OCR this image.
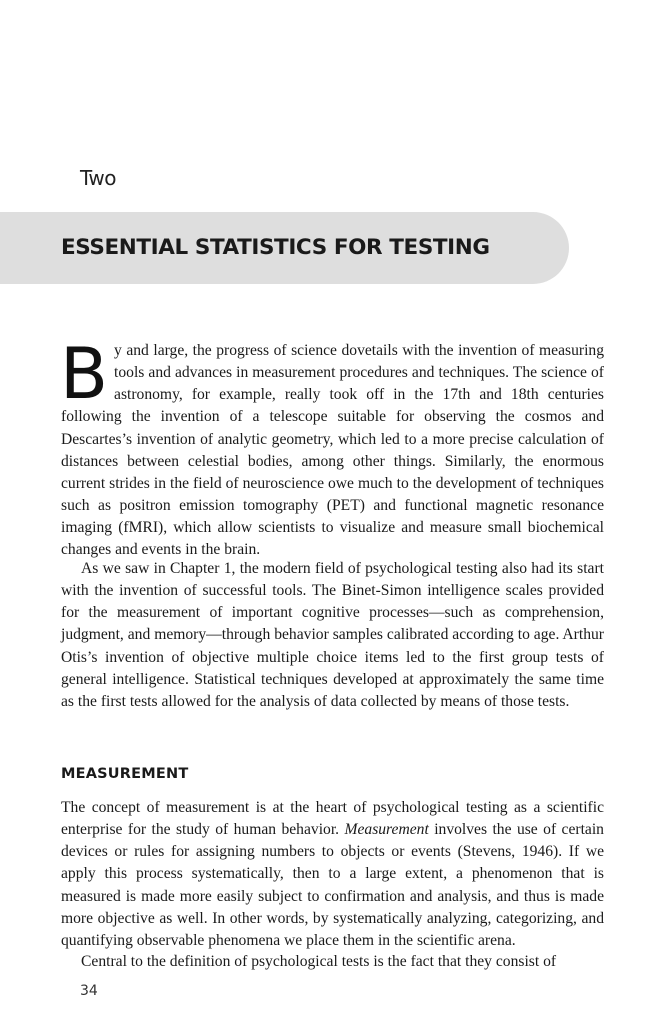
Two
ESSENTIAL STATISTICS FOR TESTING

By and large, the progress of science dovetails with the invention of measuring tools and advances in measurement procedures and techniques. The science of astronomy, for example, really took off in the 17th and 18th centuries following the invention of a telescope suitable for observing the cosmos and Descartes’s invention of analytic geometry, which led to a more precise calculation of distances between celestial bodies, among other things. Similarly, the enormous current strides in the field of neuroscience owe much to the development of techniques such as positron emission tomography (PET) and functional magnetic resonance imaging (fMRI), which allow scientists to visualize and measure small biochemical changes and events in the brain.

As we saw in Chapter 1, the modern field of psychological testing also had its start with the invention of successful tools. The Binet-Simon intelligence scales provided for the measurement of important cognitive processes—such as comprehension, judgment, and memory—through behavior samples calibrated according to age. Arthur Otis’s invention of objective multiple choice items led to the first group tests of general intelligence. Statistical techniques developed at approximately the same time as the first tests allowed for the analysis of data collected by means of those tests.

MEASUREMENT

The concept of measurement is at the heart of psychological testing as a scientific enterprise for the study of human behavior. Measurement involves the use of certain devices or rules for assigning numbers to objects or events (Stevens, 1946). If we apply this process systematically, then to a large extent, a phenomenon that is measured is made more easily subject to confirmation and analysis, and thus is made more objective as well. In other words, by systematically analyzing, categorizing, and quantifying observable phenomena we place them in the scientific arena.

Central to the definition of psychological tests is the fact that they consist of

34
